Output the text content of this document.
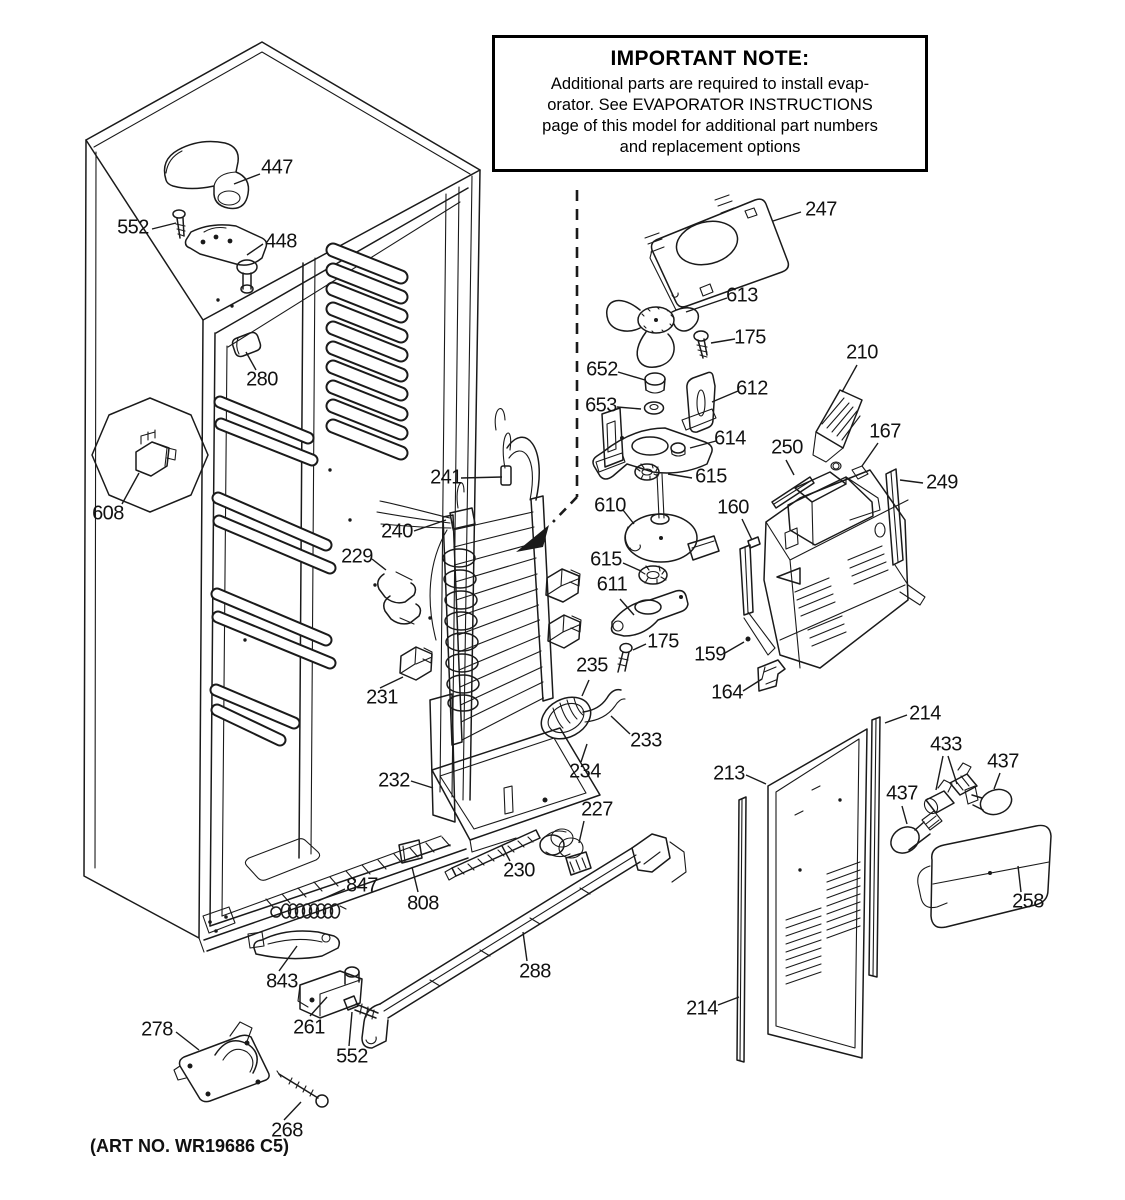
IMPORTANT NOTE:
Additional parts are required to install evap-
orator. See EVAPORATOR INSTRUCTIONS
page of this model for additional part numbers
and replacement options
447
552
448
280
608
241
240
229
231
232
235
233
234
227
247
613
175
652
653
612
614
615
610
615
611
175
210
167
250
249
160
159
164
214
213
433
437
437
258
214
847
808
230
288
843
261
552
278
268
(ART NO. WR19686 C5)
